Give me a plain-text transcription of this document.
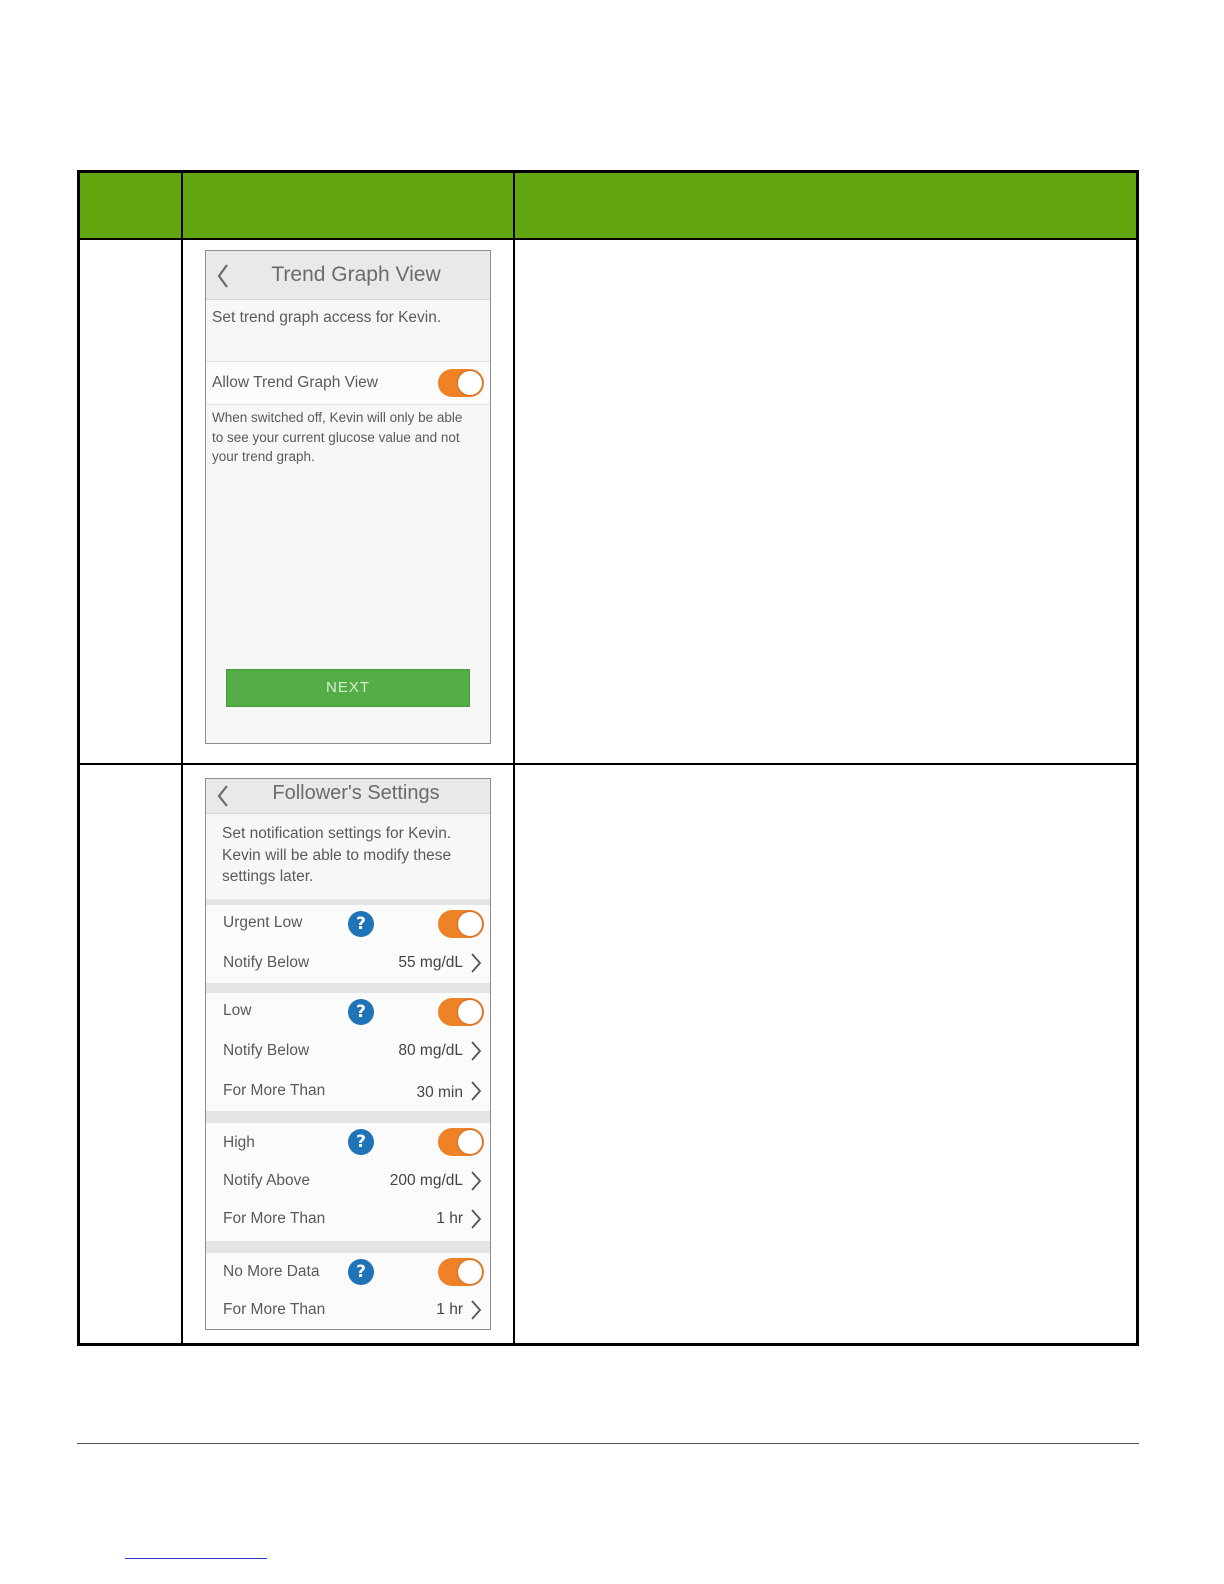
Trend Graph View
Set trend graph access for Kevin.
Allow Trend Graph View
When switched off, Kevin will only be able to see your current glucose value and not your trend graph.
NEXT
Follower's Settings
Set notification settings for Kevin. Kevin will be able to modify these settings later.
Urgent Low	?
Notify Below	55 mg/dL
Low	?
Notify Below	80 mg/dL
For More Than	30 min
High	?
Notify Above	200 mg/dL
For More Than	1 hr
No More Data	?
For More Than	1 hr
